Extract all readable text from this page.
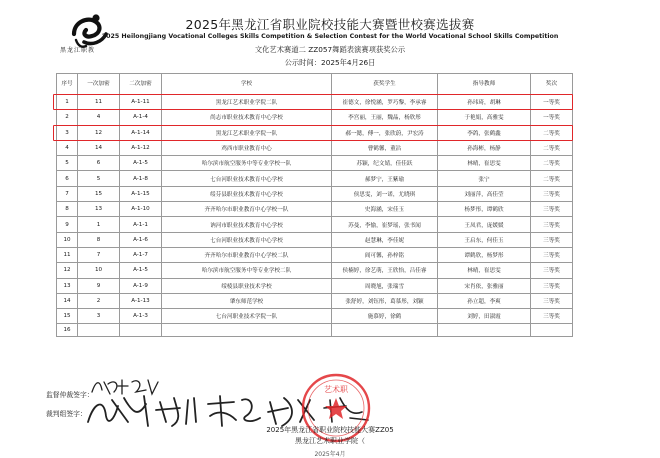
黑龙江职教
2025年黑龙江省职业院校技能大赛暨世校赛选拔赛
2025 Heilongjiang Vocational Colleges Skills Competition & Selection Contest for the World Vocational School Skills Competition
文化艺术赛道二 ZZ057舞蹈表演赛项获奖公示
公示时间：2025年4月26日
序号	一次加密	二次加密	学校	获奖学生	指导教师	奖次
1	11	A-1-11	黑龙江艺术职业学院二队	崔德文，徐悦涵，罗巧黎，李承睿	孙玮琦，胡琳	一等奖
2	4	A-1-4	尚志市职业技术教育中心学校	李宫丽，王丽，魏晶，杨欣彤	于艳娟，高雅雯	一等奖
3	12	A-1-14	黑龙江艺术职业学院一队	郝一懿，傅一，张欣蔚，尹宏涛	李鸽，张鹤鑫	二等奖
4	14	A-1-12	鸡西市职业教育中心	曹鹤馨，董沾	孙海彬，杨静	二等奖
5	6	A-1-5	哈尔滨市航空服务中等专业学校一队	苏颖，纪文婧，佳佳跃	林晴，崔思雯	二等奖
6	5	A-1-8	七台河职业技术教育中心学校	郝梦宁，王紫瑜	张宁	二等奖
7	15	A-1-15	绥芬县职业技术教育中心学校	侯思雯，刘一诺，尤晓琪	刘丽萍，高佳莹	三等奖
8	13	A-1-10	齐齐哈尔市职业教育中心学校一队	史海涵，宋佳玉	杨梦彤，谭鹤欣	三等奖
9	1	A-1-1	讷河市职业技术教育中心学校	苏曼，李愉，崔梦瑶，张书闻	王凤君，庞媛媛	三等奖
10	8	A-1-6	七台河职业技术教育中心学校	赵慧琳，李佳妮	王启东，何佳玉	三等奖
11	7	A-1-7	齐齐哈尔市职业教育中心学校二队	阎可馨，孙梓铭	谭鹤欣，杨梦彤	三等奖
12	10	A-1-5	哈尔滨市航空服务中等专业学校二队	侯楠婷，徐艺萌，王欣怡，吕佳睿	林晴，崔思雯	三等奖
13	9	A-1-9	绥棱县职业技术学校	周晓旭，张瑞雪	宋肖依，张雅丽	三等奖
14	2	A-1-13	肇东师范学校	张舒婷，刘钰彤，葛慕彤，刘颖	孙立超，李爽	三等奖
15	3	A-1-3	七台河职业技术学院一队	施慕婷，徐鹤	刘婷，田淑霞	三等奖
16						
监督仲裁签字：
裁判组签字：
艺术职
2025年黑龙江省职业院校技能大赛ZZ05
黑龙江艺术职业学院（
2025年4月
